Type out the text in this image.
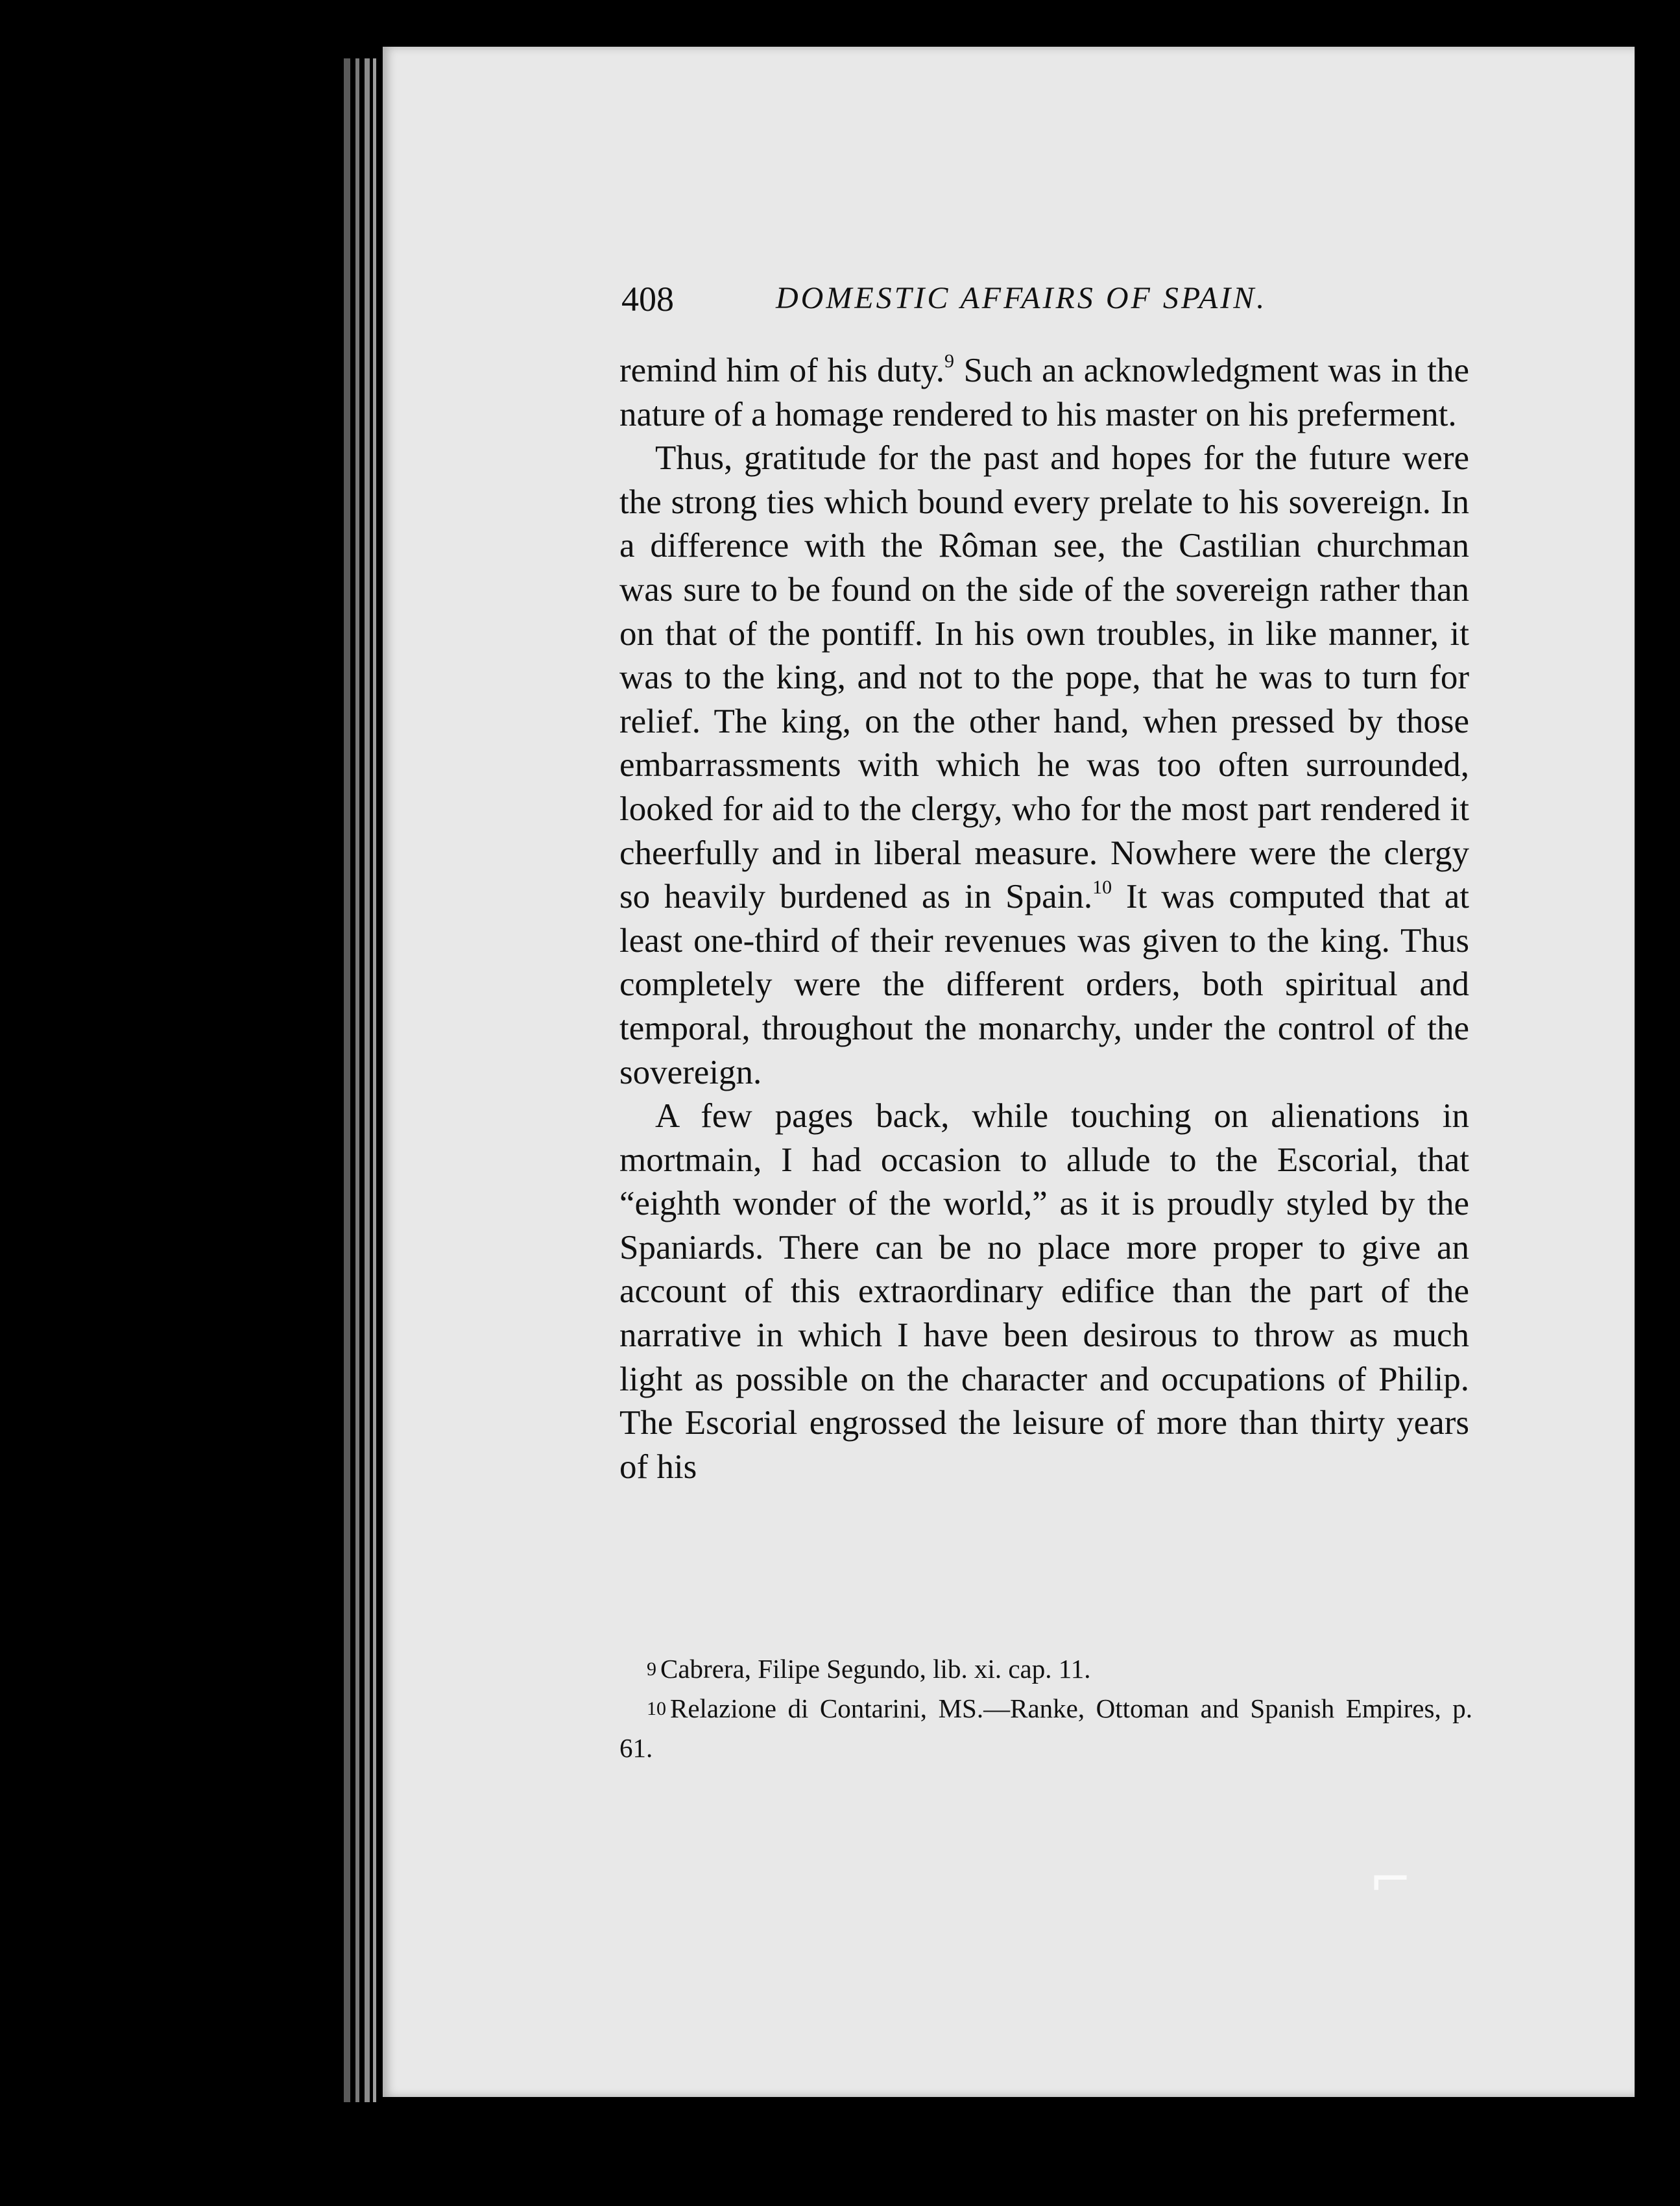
408	DOMESTIC AFFAIRS OF SPAIN.

remind him of his duty.$^9$ Such an acknowledgment was in the nature of a homage rendered to his master on his preferment.

Thus, gratitude for the past and hopes for the future were the strong ties which bound every prelate to his sovereign. In a difference with the Rôman see, the Castilian churchman was sure to be found on the side of the sovereign rather than on that of the pontiff. In his own troubles, in like manner, it was to the king, and not to the pope, that he was to turn for relief. The king, on the other hand, when pressed by those embarrassments with which he was too often surrounded, looked for aid to the clergy, who for the most part rendered it cheerfully and in liberal measure. Nowhere were the clergy so heavily burdened as in Spain.$^{10}$ It was computed that at least one-third of their revenues was given to the king. Thus completely were the different orders, both spiritual and temporal, throughout the monarchy, under the control of the sovereign.

A few pages back, while touching on alienations in mortmain, I had occasion to allude to the Escorial, that “eighth wonder of the world,” as it is proudly styled by the Spaniards. There can be no place more proper to give an account of this extraordinary edifice than the part of the narrative in which I have been desirous to throw as much light as possible on the character and occupations of Philip. The Escorial engrossed the leisure of more than thirty years of his

9 Cabrera, Filipe Segundo, lib. xi. cap. 11.

10 Relazione di Contarini, MS.—Ranke, Ottoman and Spanish Empires, p. 61.

⌐
